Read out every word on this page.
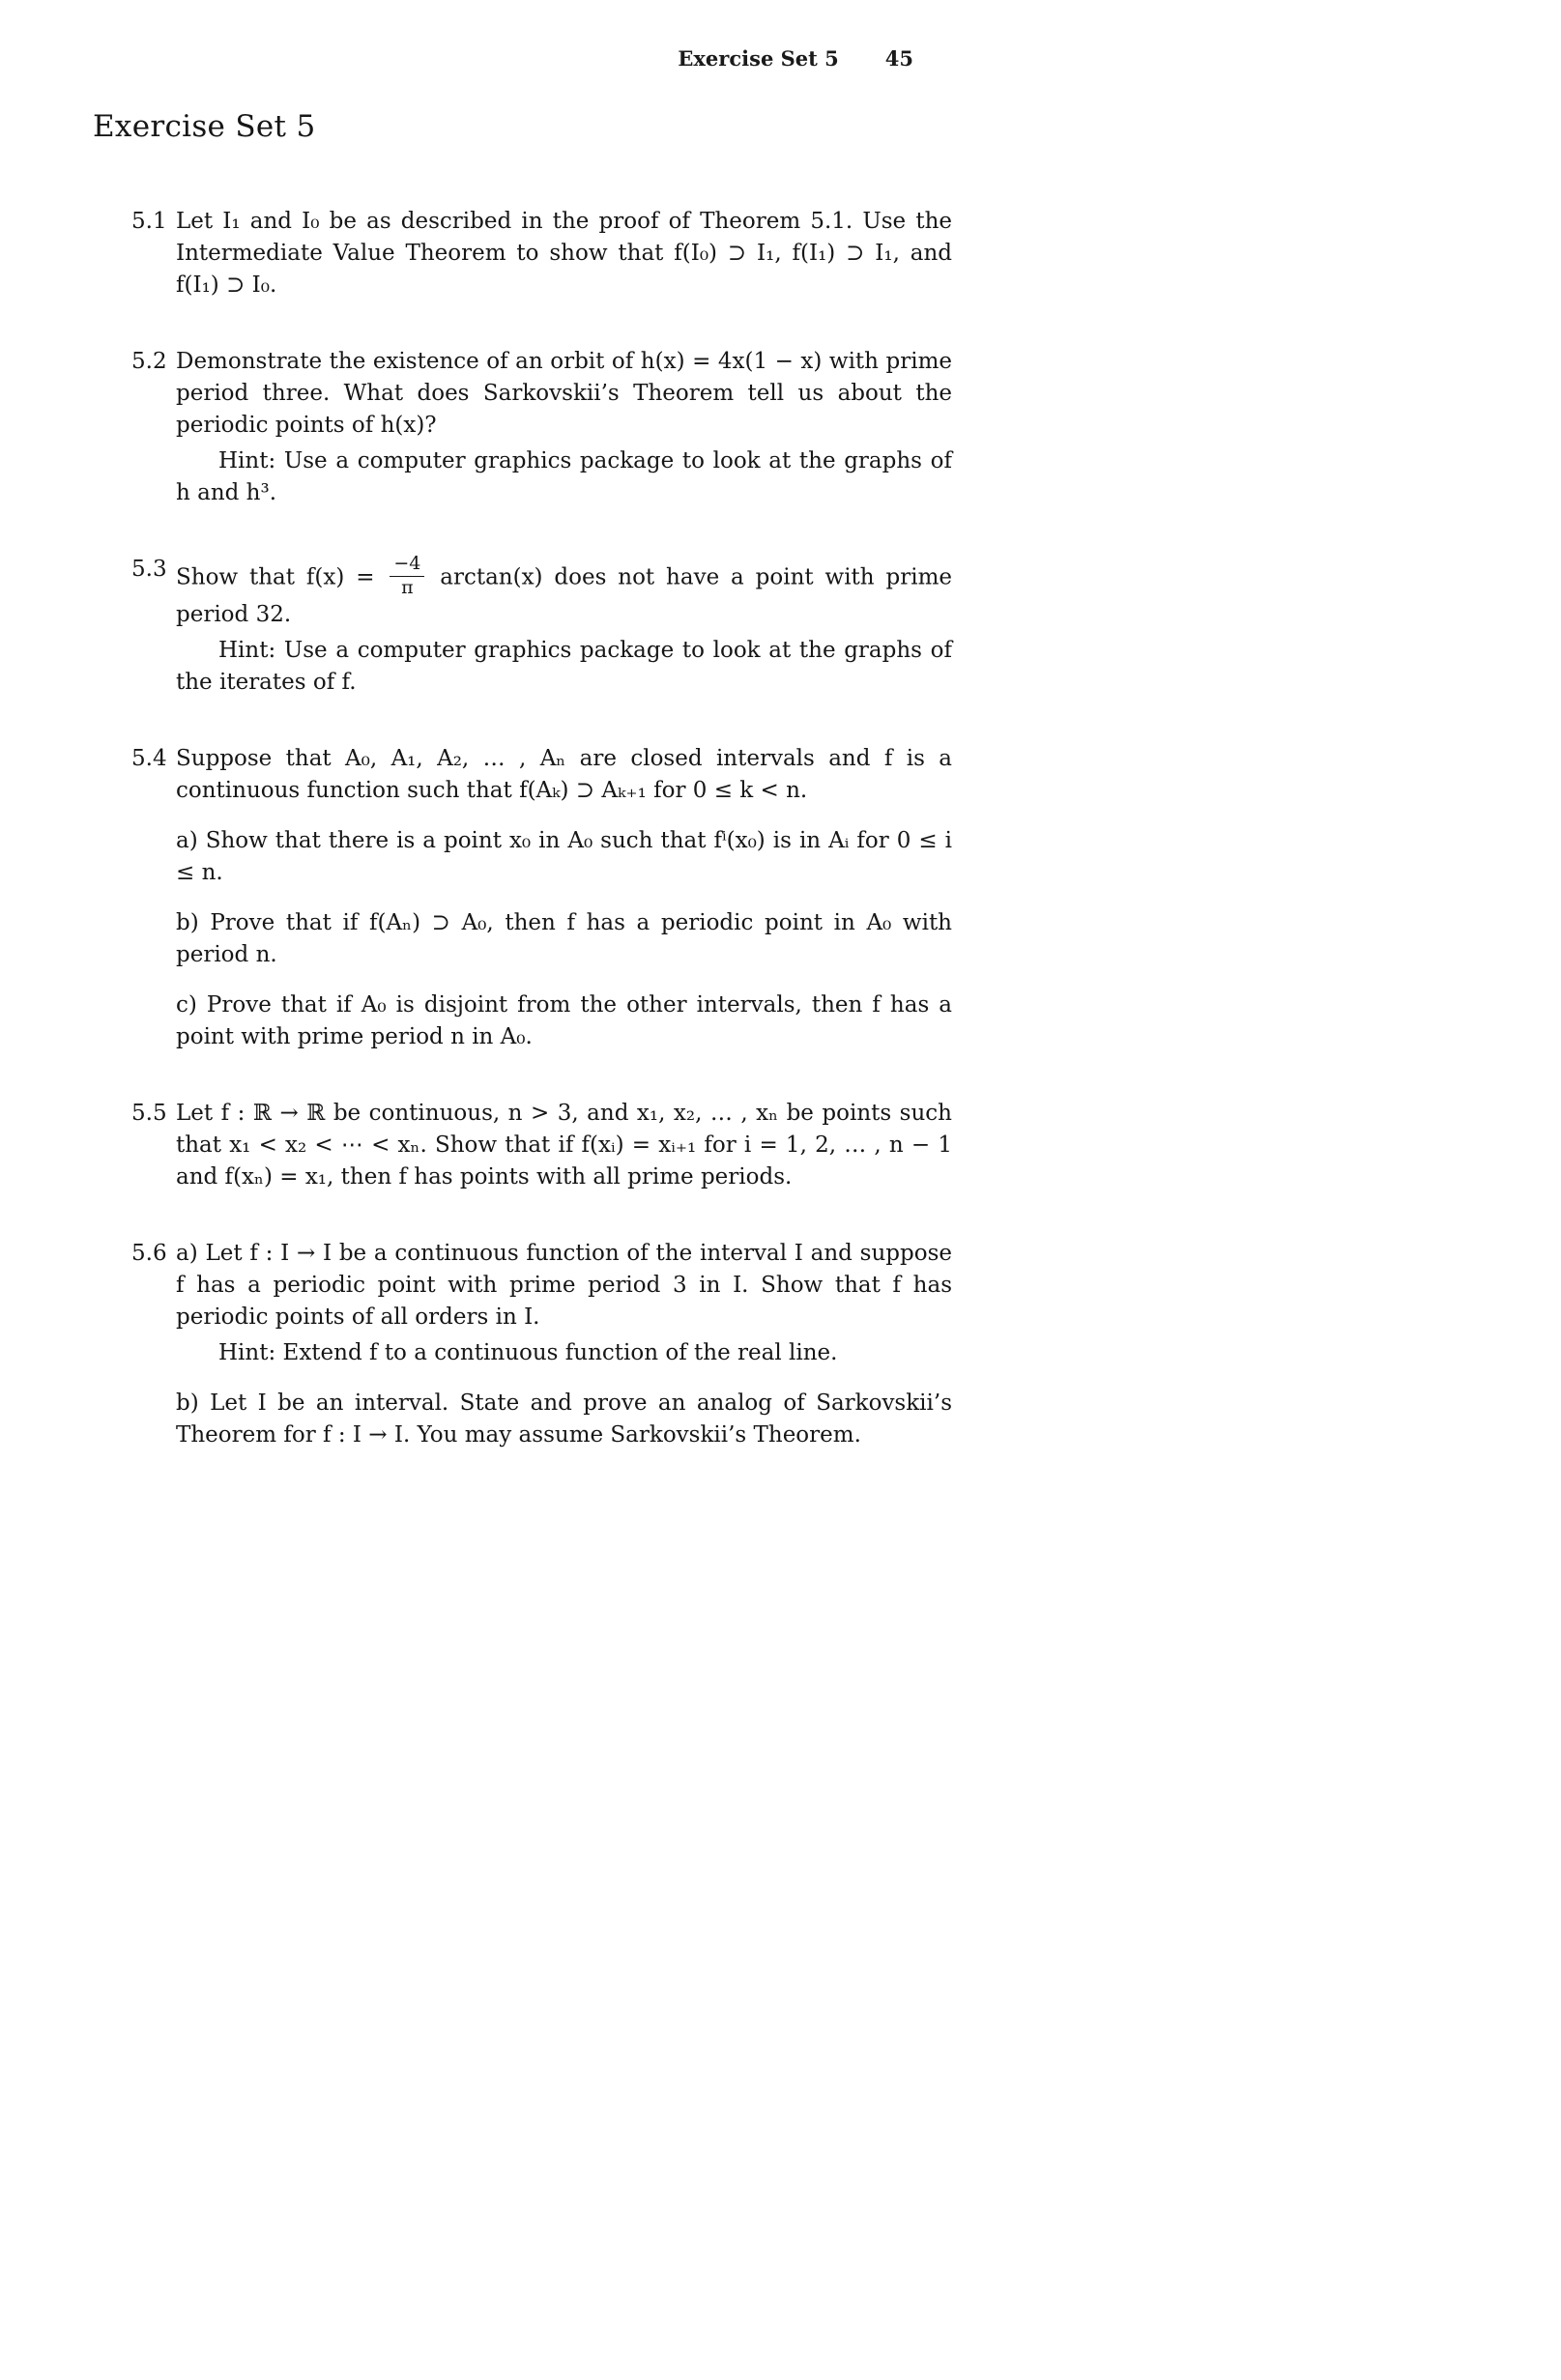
Exercise Set 5 45
Exercise Set 5
5.1 Let I₁ and I₀ be as described in the proof of Theorem 5.1. Use the Intermediate Value Theorem to show that f(I₀) ⊃ I₁, f(I₁) ⊃ I₁, and f(I₁) ⊃ I₀.

5.2 Demonstrate the existence of an orbit of h(x) = 4x(1 − x) with prime period three. What does Sarkovskii’s Theorem tell us about the periodic points of h(x)?

Hint: Use a computer graphics package to look at the graphs of h and h³.

5.3 Show that $f(x) = \frac{-4}{\pi} \arctan(x)$ does not have a point with prime period 32.

Hint: Use a computer graphics package to look at the graphs of the iterates of f.

5.4 Suppose that A₀, A₁, A₂, … , Aₙ are closed intervals and f is a continuous function such that f(Aₖ) ⊃ Aₖ₊₁ for 0 ≤ k < n.

a) Show that there is a point x₀ in A₀ such that fⁱ(x₀) is in Aᵢ for 0 ≤ i ≤ n.

b) Prove that if f(Aₙ) ⊃ A₀, then f has a periodic point in A₀ with period n.

c) Prove that if A₀ is disjoint from the other intervals, then f has a point with prime period n in A₀.

5.5 Let f : ℝ → ℝ be continuous, n > 3, and x₁, x₂, … , xₙ be points such that x₁ < x₂ < ⋯ < xₙ. Show that if f(xᵢ) = xᵢ₊₁ for i = 1, 2, … , n − 1 and f(xₙ) = x₁, then f has points with all prime periods.

5.6 a) Let f : I → I be a continuous function of the interval I and suppose f has a periodic point with prime period 3 in I. Show that f has periodic points of all orders in I.

Hint: Extend f to a continuous function of the real line.

b) Let I be an interval. State and prove an analog of Sarkovskii’s Theorem for f : I → I. You may assume Sarkovskii’s Theorem.
